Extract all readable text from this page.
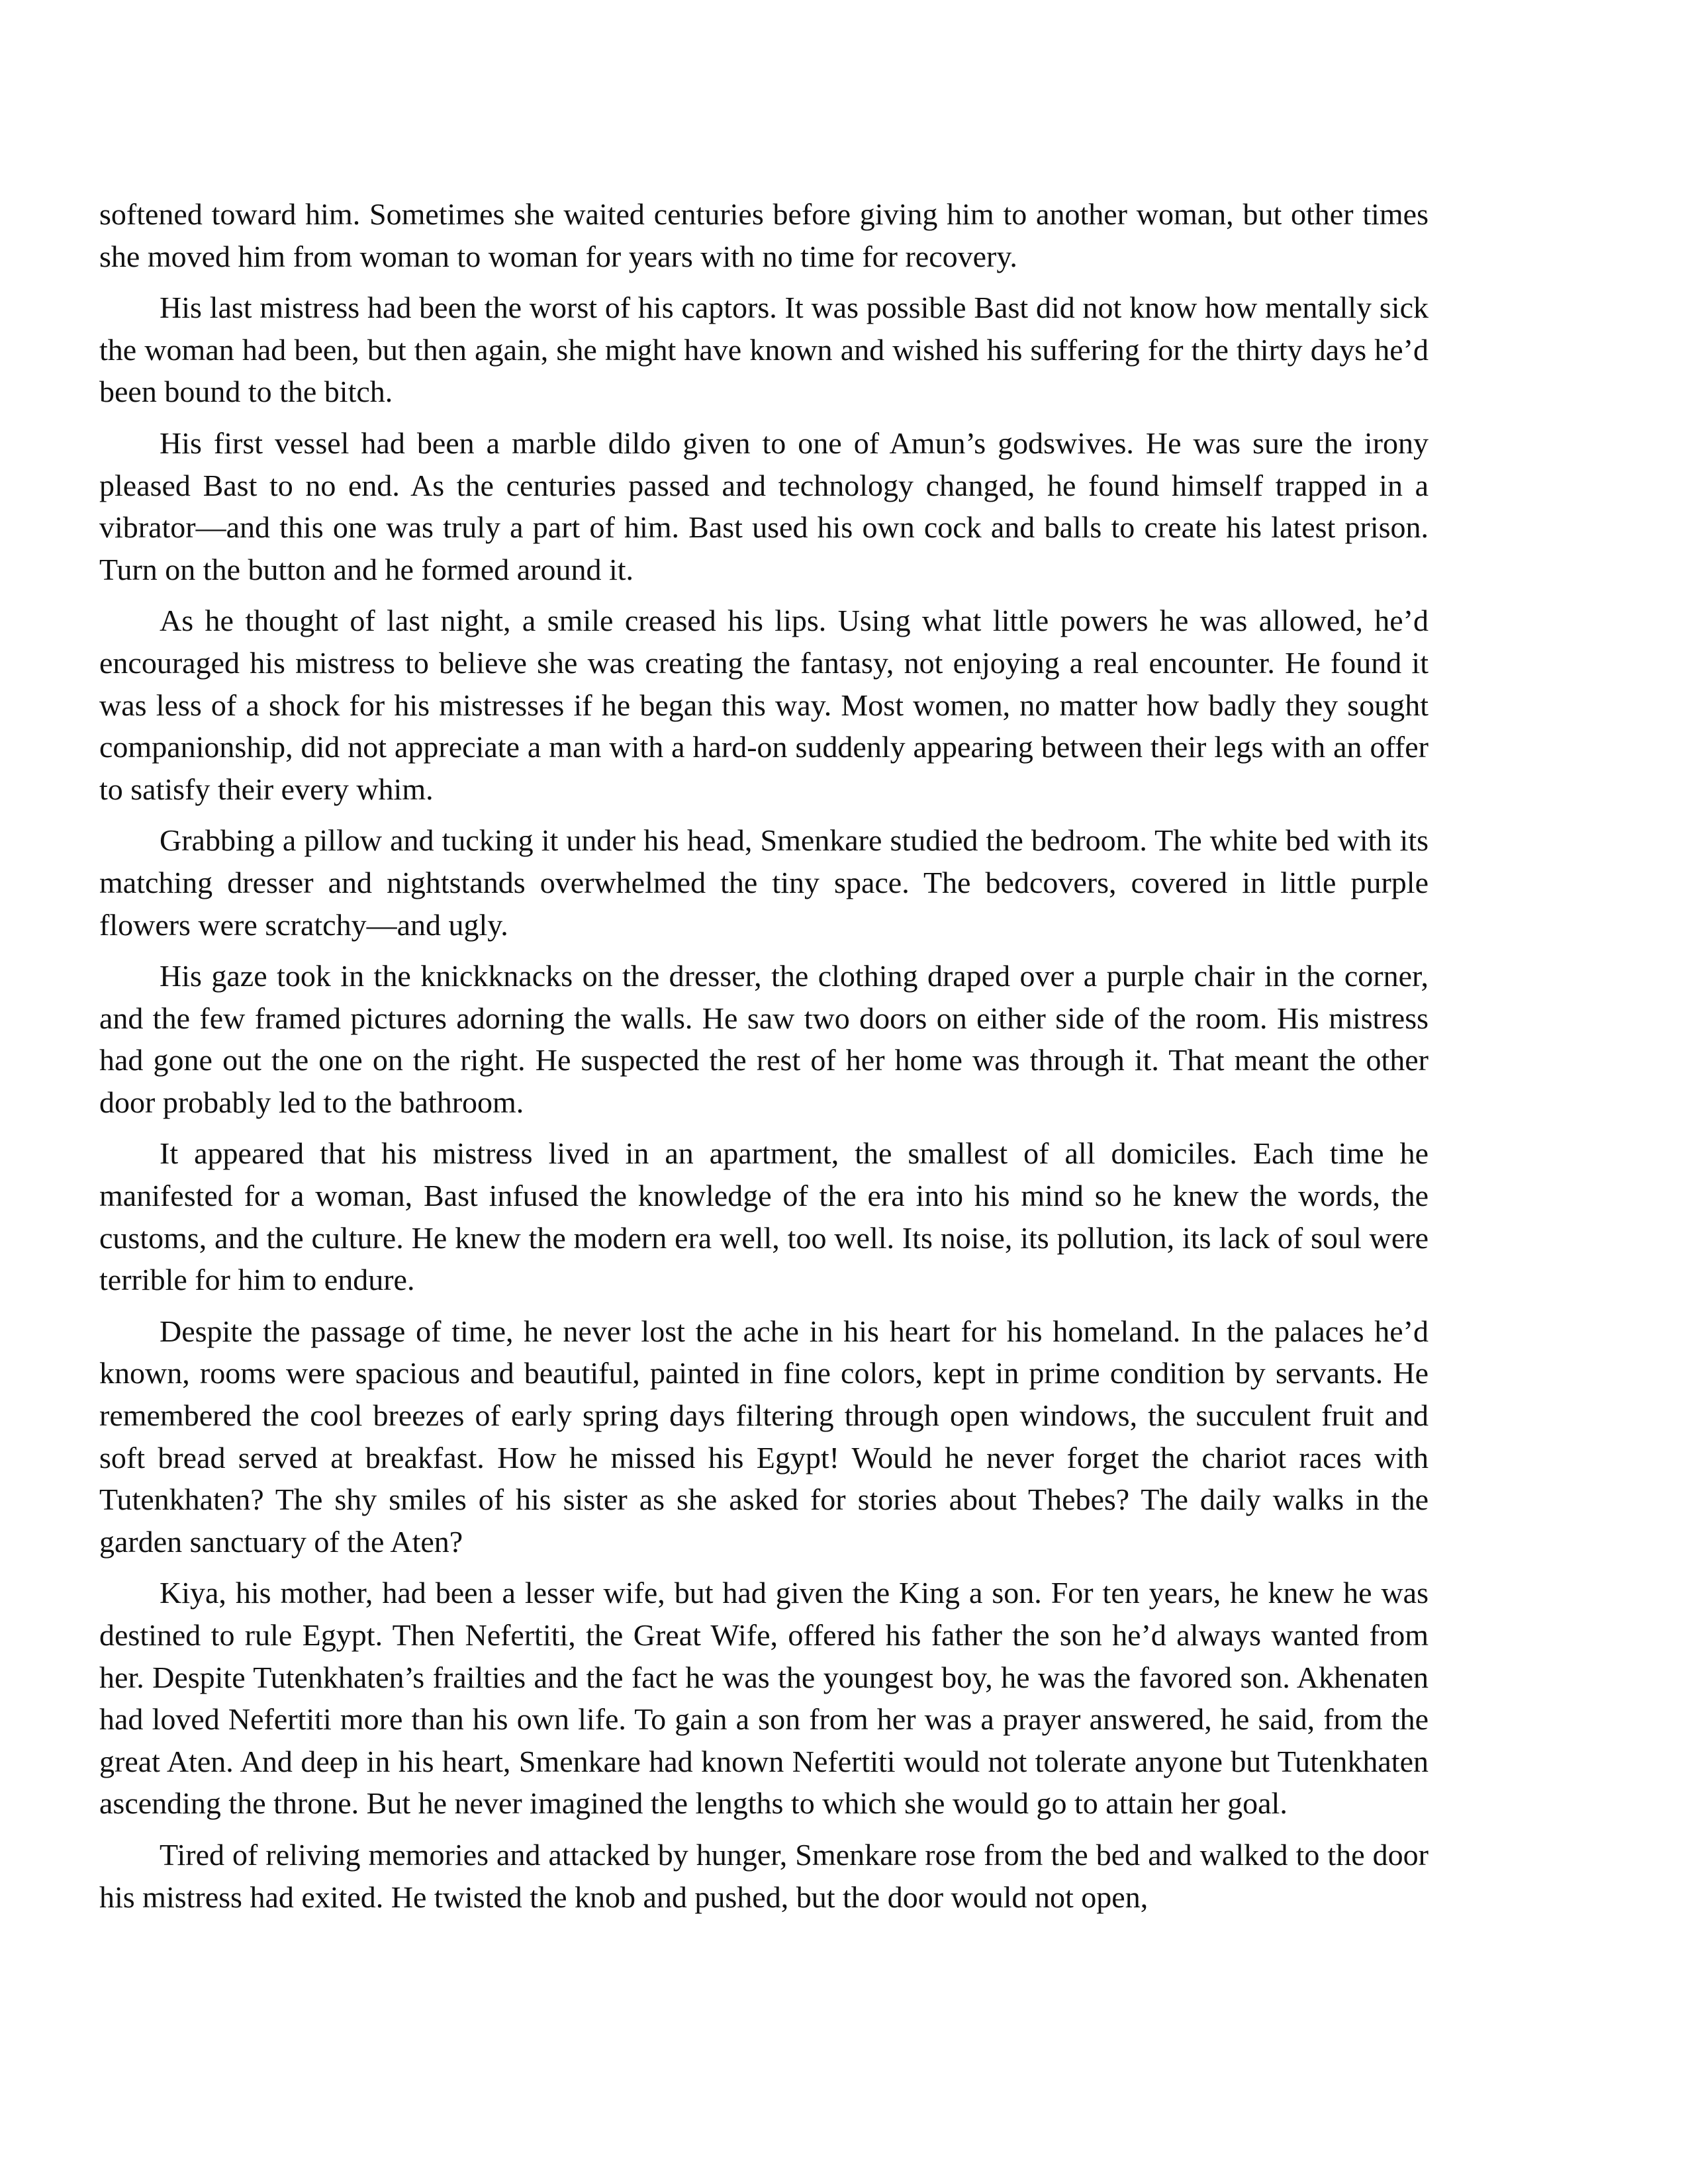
softened toward him. Sometimes she waited centuries before giving him to another woman, but other times she moved him from woman to woman for years with no time for recovery.

His last mistress had been the worst of his captors. It was possible Bast did not know how mentally sick the woman had been, but then again, she might have known and wished his suffering for the thirty days he’d been bound to the bitch.

His first vessel had been a marble dildo given to one of Amun’s godswives. He was sure the irony pleased Bast to no end. As the centuries passed and technology changed, he found himself trapped in a vibrator—and this one was truly a part of him. Bast used his own cock and balls to create his latest prison. Turn on the button and he formed around it.

As he thought of last night, a smile creased his lips. Using what little powers he was allowed, he’d encouraged his mistress to believe she was creating the fantasy, not enjoying a real encounter. He found it was less of a shock for his mistresses if he began this way. Most women, no matter how badly they sought companionship, did not appreciate a man with a hard-on suddenly appearing between their legs with an offer to satisfy their every whim.

Grabbing a pillow and tucking it under his head, Smenkare studied the bedroom. The white bed with its matching dresser and nightstands overwhelmed the tiny space. The bedcovers, covered in little purple flowers were scratchy—and ugly.

His gaze took in the knickknacks on the dresser, the clothing draped over a purple chair in the corner, and the few framed pictures adorning the walls. He saw two doors on either side of the room. His mistress had gone out the one on the right. He suspected the rest of her home was through it. That meant the other door probably led to the bathroom.

It appeared that his mistress lived in an apartment, the smallest of all domiciles. Each time he manifested for a woman, Bast infused the knowledge of the era into his mind so he knew the words, the customs, and the culture. He knew the modern era well, too well. Its noise, its pollution, its lack of soul were terrible for him to endure.

Despite the passage of time, he never lost the ache in his heart for his homeland. In the palaces he’d known, rooms were spacious and beautiful, painted in fine colors, kept in prime condition by servants. He remembered the cool breezes of early spring days filtering through open windows, the succulent fruit and soft bread served at breakfast. How he missed his Egypt! Would he never forget the chariot races with Tutenkhaten? The shy smiles of his sister as she asked for stories about Thebes? The daily walks in the garden sanctuary of the Aten?

Kiya, his mother, had been a lesser wife, but had given the King a son. For ten years, he knew he was destined to rule Egypt. Then Nefertiti, the Great Wife, offered his father the son he’d always wanted from her. Despite Tutenkhaten’s frailties and the fact he was the youngest boy, he was the favored son. Akhenaten had loved Nefertiti more than his own life. To gain a son from her was a prayer answered, he said, from the great Aten. And deep in his heart, Smenkare had known Nefertiti would not tolerate anyone but Tutenkhaten ascending the throne. But he never imagined the lengths to which she would go to attain her goal.

Tired of reliving memories and attacked by hunger, Smenkare rose from the bed and walked to the door his mistress had exited. He twisted the knob and pushed, but the door would not open,
